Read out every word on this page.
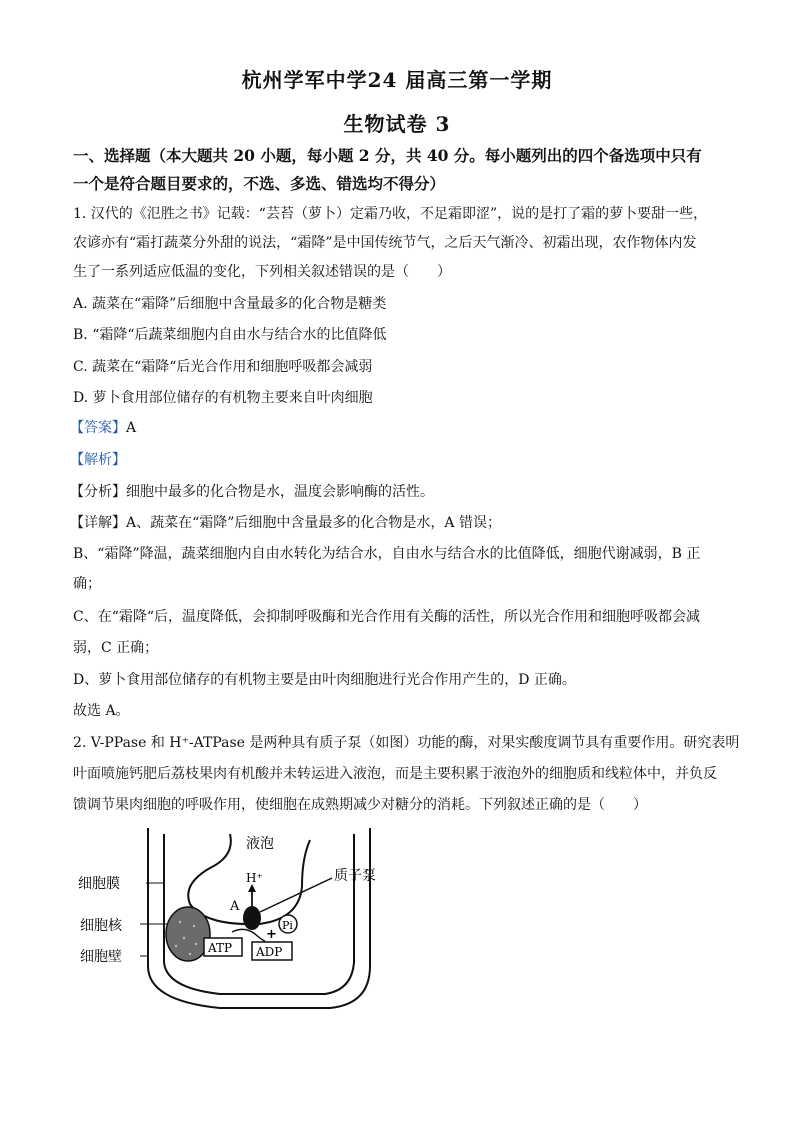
杭州学军中学24 届高三第一学期
生物试卷 3
一、选择题（本大题共 20 小题，每小题 2 分，共 40 分。每小题列出的四个备选项中只有
一个是符合题目要求的，不选、多选、错选均不得分）
1. 汉代的《氾胜之书》记载：“芸苔（萝卜）定霜乃收，不足霜即涩”，说的是打了霜的萝卜要甜一些，
农谚亦有“霜打蔬菜分外甜的说法，“霜降”是中国传统节气，之后天气渐冷、初霜出现，农作物体内发
生了一系列适应低温的变化，下列相关叙述错误的是（　　）
A. 蔬菜在“霜降”后细胞中含量最多的化合物是糖类
B. “霜降“后蔬菜细胞内自由水与结合水的比值降低
C. 蔬菜在“霜降“后光合作用和细胞呼吸都会减弱
D. 萝卜食用部位储存的有机物主要来自叶肉细胞
【答案】A
【解析】
【分析】细胞中最多的化合物是水，温度会影响酶的活性。
【详解】A、蔬菜在“霜降”后细胞中含量最多的化合物是水，A 错误；
B、“霜降”降温，蔬菜细胞内自由水转化为结合水，自由水与结合水的比值降低，细胞代谢减弱，B 正
确；
C、在“霜降“后，温度降低，会抑制呼吸酶和光合作用有关酶的活性，所以光合作用和细胞呼吸都会减
弱，C 正确；
D、萝卜食用部位储存的有机物主要是由叶肉细胞进行光合作用产生的，D 正确。
故选 A。
2. V-PPase 和 H⁺-ATPase 是两种具有质子泵（如图）功能的酶，对果实酸度调节具有重要作用。研究表明
叶面喷施钙肥后荔枝果肉有机酸并未转运进入液泡，而是主要积累于液泡外的细胞质和线粒体中，并负反
馈调节果肉细胞的呼吸作用，使细胞在成熟期减少对糖分的消耗。下列叙述正确的是（　　）
液泡
质子泵
细胞膜
细胞核
细胞壁
H⁺
A
Pi
+
ATP ADP
